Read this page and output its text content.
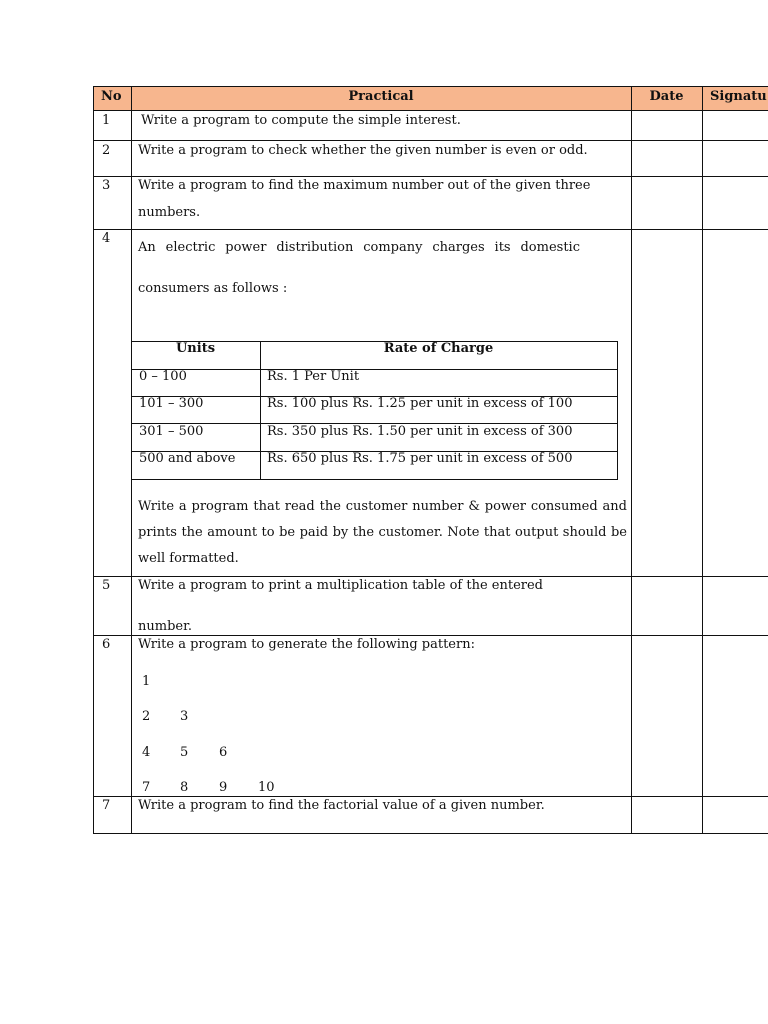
No	Practical	Date	Signatu
1 Write a program to compute the simple interest.
2 Write a program to check whether the given number is even or odd.
3 Write a program to find the maximum number out of the given three
numbers.
4
An electric power distribution company charges its domestic consumers as follows :
Units	Rate of Charge
0 – 100	Rs. 1 Per Unit
101 – 300	Rs. 100 plus Rs. 1.25 per unit in excess of 100
301 – 500	Rs. 350 plus Rs. 1.50 per unit in excess of 300
500 and above Rs. 650 plus Rs. 1.75 per unit in excess of 500
Write a program that read the customer number & power consumed and prints the amount to be paid by the customer. Note that output should be well formatted.
5 Write a program to print a multiplication table of the entered
number.
6 Write a program to generate the following pattern:
1
2 3
4 5 6
7 8 9 10
7 Write a program to find the factorial value of a given number.
